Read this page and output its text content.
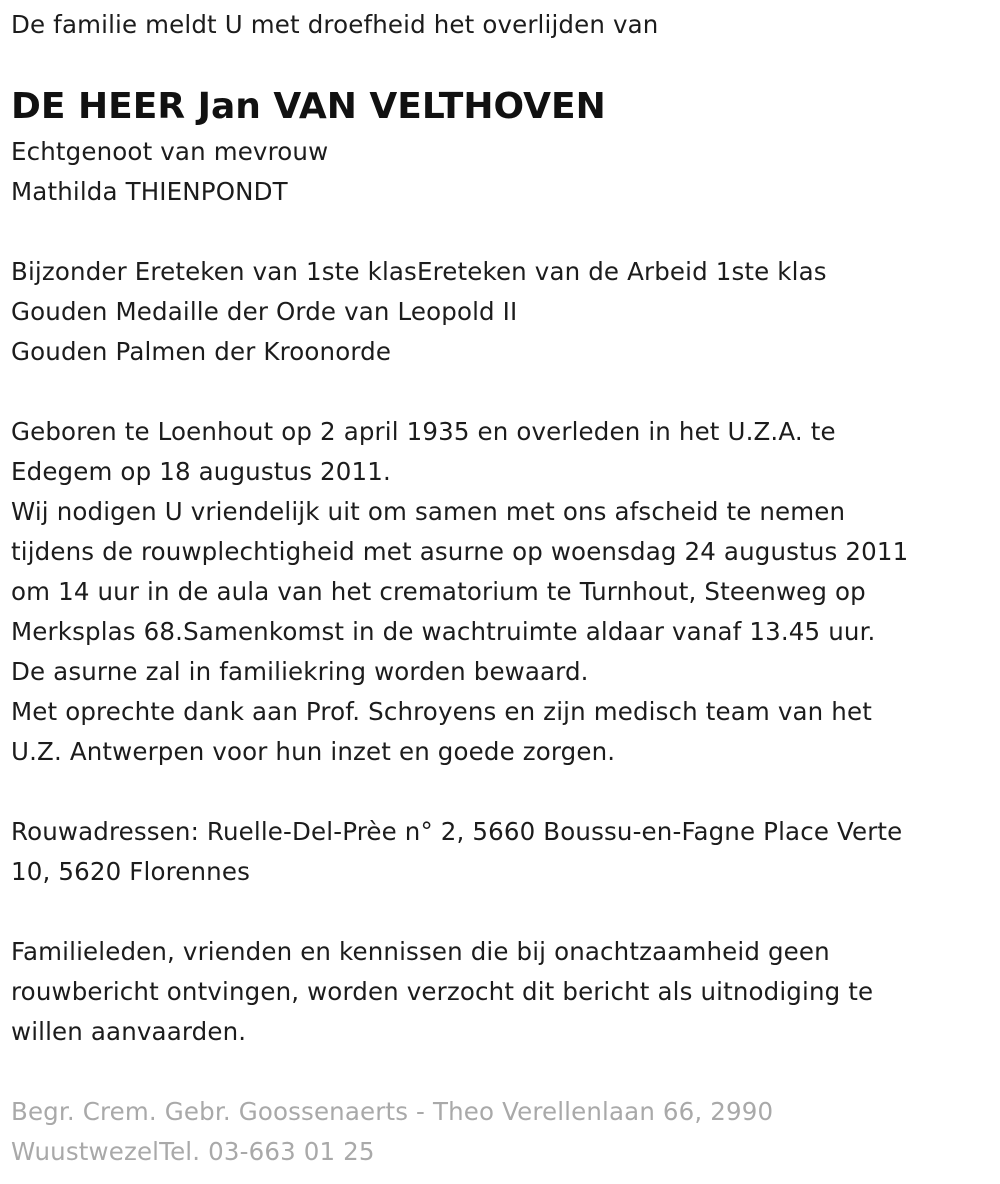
De familie meldt U met droefheid het overlijden van
DE HEER Jan VAN VELTHOVEN
Echtgenoot van mevrouw
Mathilda THIENPONDT
Bijzonder Ereteken van 1ste klasEreteken van de Arbeid 1ste klas
Gouden Medaille der Orde van Leopold II
Gouden Palmen der Kroonorde
Geboren te Loenhout op 2 april 1935 en overleden in het U.Z.A. te
Edegem op 18 augustus 2011.
Wij nodigen U vriendelijk uit om samen met ons afscheid te nemen
tijdens de rouwplechtigheid met asurne op woensdag 24 augustus 2011
om 14 uur in de aula van het crematorium te Turnhout, Steenweg op
Merksplas 68.Samenkomst in de wachtruimte aldaar vanaf 13.45 uur.
De asurne zal in familiekring worden bewaard.
Met oprechte dank aan Prof. Schroyens en zijn medisch team van het
U.Z. Antwerpen voor hun inzet en goede zorgen.
Rouwadressen: Ruelle-Del-Prèe n° 2, 5660 Boussu-en-Fagne Place Verte
10, 5620 Florennes
Familieleden, vrienden en kennissen die bij onachtzaamheid geen
rouwbericht ontvingen, worden verzocht dit bericht als uitnodiging te
willen aanvaarden.
Begr. Crem. Gebr. Goossenaerts - Theo Verellenlaan 66, 2990
WuustwezelTel. 03-663 01 25
